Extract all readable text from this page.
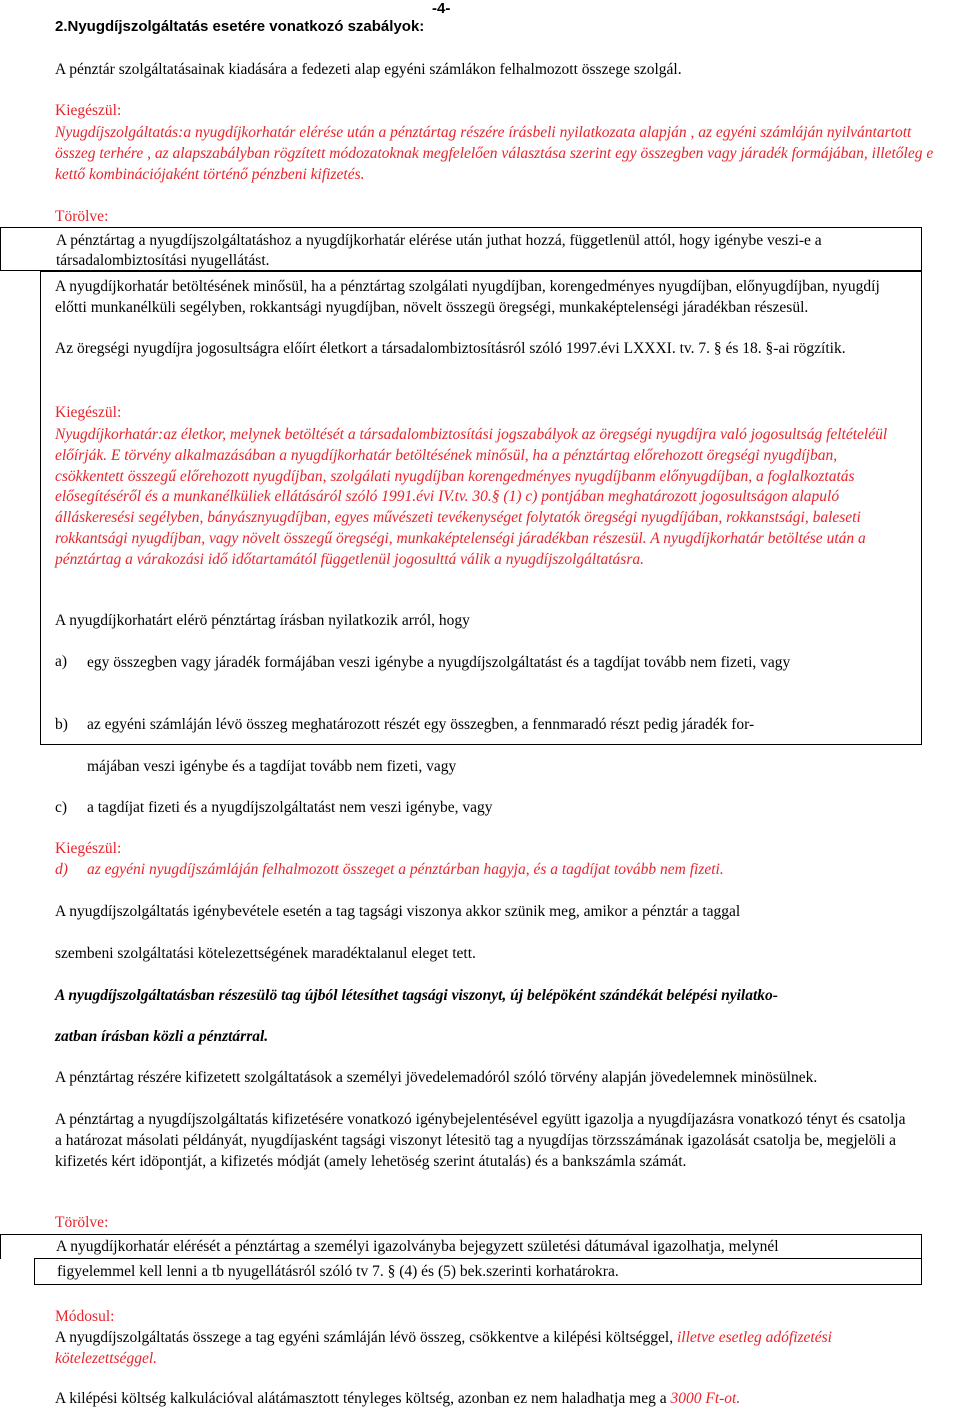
-4-
2.Nyugdíjszolgáltatás esetére vonatkozó szabályok:
A pénztár szolgáltatásainak kiadására a fedezeti alap egyéni számlákon felhalmozott összege szolgál.
Kiegészül:
Nyugdíjszolgáltatás:a nyugdíjkorhatár elérése után a pénztártag részére írásbeli nyilatkozata alapján , az egyéni számláján nyilvántartott összeg terhére , az alapszabályban rögzített módozatoknak megfelelően választása szerint egy összegben vagy járadék formájában, illetőleg e kettő kombinációjaként történő pénzbeni kifizetés.
Törölve:
A pénztártag a nyugdíjszolgáltatáshoz a nyugdíjkorhatár elérése után juthat hozzá, függetlenül attól, hogy igénybe veszi-e a társadalombiztosítási nyugellátást.
A nyugdíjkorhatár betöltésének minősül, ha a pénztártag szolgálati nyugdíjban, korengedményes nyugdíjban, előnyugdíjban, nyugdíj előtti munkanélküli segélyben, rokkantsági nyugdíjban, növelt összegü öregségi, munkaképtelenségi járadékban részesül.
Az öregségi nyugdíjra jogosultságra előírt életkort a társadalombiztosításról szóló 1997.évi LXXXI. tv. 7. § és 18. §-ai rögzítik.
Kiegészül:
Nyugdíjkorhatár:az életkor, melynek betöltését a társadalombiztosítási jogszabályok az öregségi nyugdíjra való jogosultság feltételéül előírják. E törvény alkalmazásában a nyugdíjkorhatár betöltésének minősül, ha a pénztártag előrehozott öregségi nyugdíjban, csökkentett összegű előrehozott nyugdíjban, szolgálati nyugdíjban korengedményes nyugdíjbanm előnyugdíjban, a foglalkoztatás elősegítéséről és a munkanélküliek ellátásáról szóló 1991.évi IV.tv. 30.§ (1) c) pontjában meghatározott jogosultságon alapuló álláskeresési segélyben, bányásznyugdíjban, egyes művészeti tevékenységet folytatók öregségi nyugdíjában, rokkanstsági, baleseti rokkantsági nyugdíjban, vagy növelt összegű öregségi, munkaképtelenségi járadékban részesül. A nyugdíjkorhatár betöltése után a pénztártag a várakozási idő időtartamától függetlenül jogosulttá válik a nyugdíjszolgáltatásra.
A nyugdíjkorhatárt elérö pénztártag írásban nyilatkozik arról, hogy
a) egy összegben vagy járadék formájában veszi igénybe a nyugdíjszolgáltatást és a tagdíjat tovább nem fizeti, vagy
b) az egyéni számláján lévö összeg meghatározott részét egy összegben, a fennmaradó részt pedig járadék for-
májában veszi igénybe és a tagdíjat tovább nem fizeti, vagy
c) a tagdíjat fizeti és a nyugdíjszolgáltatást nem veszi igénybe, vagy
Kiegészül:
d) az egyéni nyugdíjszámláján felhalmozott összeget a pénztárban hagyja, és a tagdíjat tovább nem fizeti.
A nyugdíjszolgáltatás igénybevétele esetén a tag tagsági viszonya akkor szünik meg, amikor a pénztár a taggal
szembeni szolgáltatási kötelezettségének maradéktalanul eleget tett.
A nyugdíjszolgáltatásban részesülö tag újból létesíthet tagsági viszonyt, új belépöként szándékát belépési nyilatko-
zatban írásban közli a pénztárral.
A pénztártag részére kifizetett szolgáltatások a személyi jövedelemadóról szóló törvény alapján jövedelemnek minösülnek.
A pénztártag a nyugdíjszolgáltatás kifizetésére vonatkozó igénybejelentésével együtt igazolja a nyugdíjazásra vonatkozó tényt és csatolja a határozat másolati példányát, nyugdíjasként tagsági viszonyt létesitö tag a nyugdíjas törzsszámának igazolását csatolja be, megjelöli a kifizetés kért idöpontját, a kifizetés módját (amely lehetöség szerint átutalás) és a bankszámla számát.
Törölve:
A nyugdíjkorhatár elérését a pénztártag a személyi igazolványba bejegyzett születési dátumával igazolhatja, melynél
figyelemmel kell lenni a tb nyugellátásról szóló tv 7. § (4) és (5) bek.szerinti korhatárokra.
Módosul:
A nyugdíjszolgáltatás összege a tag egyéni számláján lévö összeg, csökkentve a kilépési költséggel, illetve esetleg adófizetési kötelezettséggel.
A kilépési költség kalkulációval alátámasztott tényleges költség, azonban ez nem haladhatja meg a 3000 Ft-ot.
